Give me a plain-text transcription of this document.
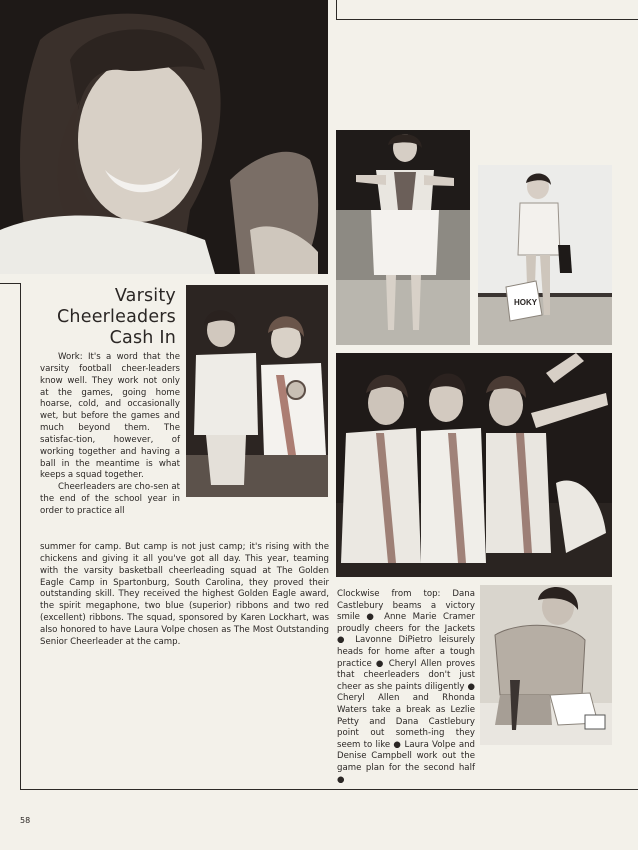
HOKY
Varsity
Cheerleaders
Cash In

Work: It's a word that the varsity football cheer-leaders know well. They work not only at the games, going home hoarse, cold, and occasionally wet, but before the games and much beyond them. The satisfac-tion, however, of working together and having a ball in the meantime is what keeps a squad together.

Cheerleaders are cho-sen at the end of the school year in order to practice all

summer for camp. But camp is not just camp; it's rising with the chickens and giving it all you've got all day. This year, teaming with the varsity basketball cheerleading squad at The Golden Eagle Camp in Spartonburg, South Carolina, they proved their outstanding skill. They received the highest Golden Eagle award, the spirit megaphone, two blue (superior) ribbons and two red (excellent) ribbons. The squad, sponsored by Karen Lockhart, was also honored to have Laura Volpe chosen as The Most Outstanding Senior Cheerleader at the camp.

Clockwise from top: Dana Castlebury beams a victory smile ● Anne Marie Cramer proudly cheers for the Jackets ● Lavonne DiPietro leisurely heads for home after a tough practice ● Cheryl Allen proves that cheerleaders don't just cheer as she paints diligently ● Cheryl Allen and Rhonda Waters take a break as Lezlie Petty and Dana Castlebury point out someth-ing they seem to like ● Laura Volpe and Denise Campbell work out the game plan for the second half ●
58
